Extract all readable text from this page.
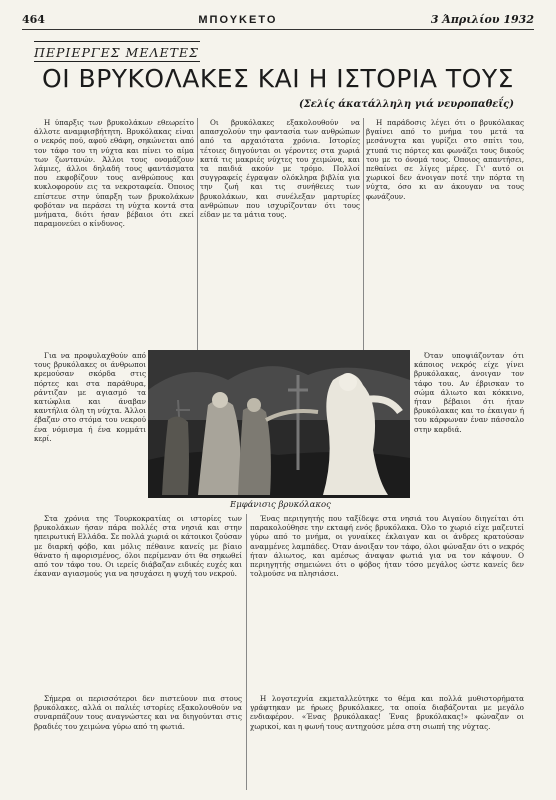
464	ΜΠΟΥΚΕΤΟ	3 Άπριλίου 1932
ΠΕΡΙΕΡΓΕΣ ΜΕΛΕΤΕΣ
ΟΙ ΒΡΥΚΟΛΑΚΕΣ ΚΑΙ Η ΙΣΤΟΡΙΑ ΤΟΥΣ
(Σελίς άκατάλληλη γιά νευροπαθεΐς)

Η ύπαρξις των βρυκολάκων εθεωρείτο άλλοτε αναμφισβήτητη. Βρυκόλακας είναι ο νεκρός πού, αφού εθάφη, σηκώνεται από τον τάφο του τη νύχτα και πίνει το αίμα των ζωντανών. Άλλοι τους ονομάζουν λάμιες, άλλοι δηλαδή τους φαντάσματα που εκφοβίζουν τους ανθρώπους και κυκλοφορούν εις τα νεκροταφεία. Όποιος επίστευε στην ύπαρξη των βρυκολάκων φοβόταν να περάσει τη νύχτα κοντά στα μνήματα, διότι ήσαν βέβαιοι ότι εκεί παραμονεύει ο κίνδυνος.

Οι βρυκόλακες εξακολουθούν να απασχολούν την φαντασία των ανθρώπων από τα αρχαιότατα χρόνια. Ιστορίες τέτοιες διηγούνται οι γέροντες στα χωριά κατά τις μακριές νύχτες του χειμώνα, και τα παιδιά ακούν με τρόμο. Πολλοί συγγραφείς έγραψαν ολόκληρα βιβλία για την ζωή και τις συνήθειες των βρυκολάκων, και συνέλεξαν μαρτυρίες ανθρώπων που ισχυρίζονταν ότι τους είδαν με τα μάτια τους.

Η παράδοσις λέγει ότι ο βρυκόλακας βγαίνει από το μνήμα του μετά τα μεσάνυχτα και γυρίζει στο σπίτι του, χτυπά τις πόρτες και φωνάζει τους δικούς του με το όνομά τους. Όποιος απαντήσει, πεθαίνει σε λίγες μέρες. Γι' αυτό οι χωρικοί δεν άνοιγαν ποτέ την πόρτα τη νύχτα, όσο κι αν άκουγαν να τους φωνάζουν.

Για να προφυλαχθούν από τους βρυκόλακες οι άνθρωποι κρεμούσαν σκόρδα στις πόρτες και στα παράθυρα, ράντιζαν με αγιασμό τα κατώφλια και άναβαν καντήλια όλη τη νύχτα. Άλλοι έβαζαν στο στόμα του νεκρού ένα νόμισμα ή ένα κομμάτι κερί.

Όταν υποψιάζονταν ότι κάποιος νεκρός είχε γίνει βρυκόλακας, άνοιγαν τον τάφο του. Αν έβρισκαν το σώμα άλιωτο και κόκκινο, ήταν βέβαιοι ότι ήταν βρυκόλακας και το έκαιγαν ή του κάρφωναν έναν πάσσαλο στην καρδιά.

Εμφάνισις βρυκόλακος

Στα χρόνια της Τουρκοκρατίας οι ιστορίες των βρυκολάκων ήσαν πάρα πολλές στα νησιά και στην ηπειρωτική Ελλάδα. Σε πολλά χωριά οι κάτοικοι ζούσαν με διαρκή φόβο, και μόλις πέθαινε κανείς με βίαιο θάνατο ή αφορισμένος, όλοι περίμεναν ότι θα σηκωθεί από τον τάφο του. Οι ιερείς διάβαζαν ειδικές ευχές και έκαναν αγιασμούς για να ησυχάσει η ψυχή του νεκρού.

Ένας περιηγητής που ταξίδεψε στα νησιά του Αιγαίου διηγείται ότι παρακολούθησε την εκταφή ενός βρυκόλακα. Όλο το χωριό είχε μαζευτεί γύρω από το μνήμα, οι γυναίκες έκλαιγαν και οι άνδρες κρατούσαν αναμμένες λαμπάδες. Όταν άνοιξαν τον τάφο, όλοι φώναξαν ότι ο νεκρός ήταν άλιωτος, και αμέσως άναψαν φωτιά για να τον κάψουν. Ο περιηγητής σημειώνει ότι ο φόβος ήταν τόσο μεγάλος ώστε κανείς δεν τολμούσε να πλησιάσει.

Σήμερα οι περισσότεροι δεν πιστεύουν πια στους βρυκόλακες, αλλά οι παλιές ιστορίες εξακολουθούν να συναρπάζουν τους αναγνώστες και να διηγούνται στις βραδιές του χειμώνα γύρω από τη φωτιά.

Η λογοτεχνία εκμεταλλεύτηκε το θέμα και πολλά μυθιστορήματα γράφτηκαν με ήρωες βρυκόλακες, τα οποία διαβάζονται με μεγάλο ενδιαφέρον. «Ένας βρυκόλακας! Ένας βρυκόλακας!» φώναζαν οι χωρικοί, και η φωνή τους αντηχούσε μέσα στη σιωπή της νύχτας.
